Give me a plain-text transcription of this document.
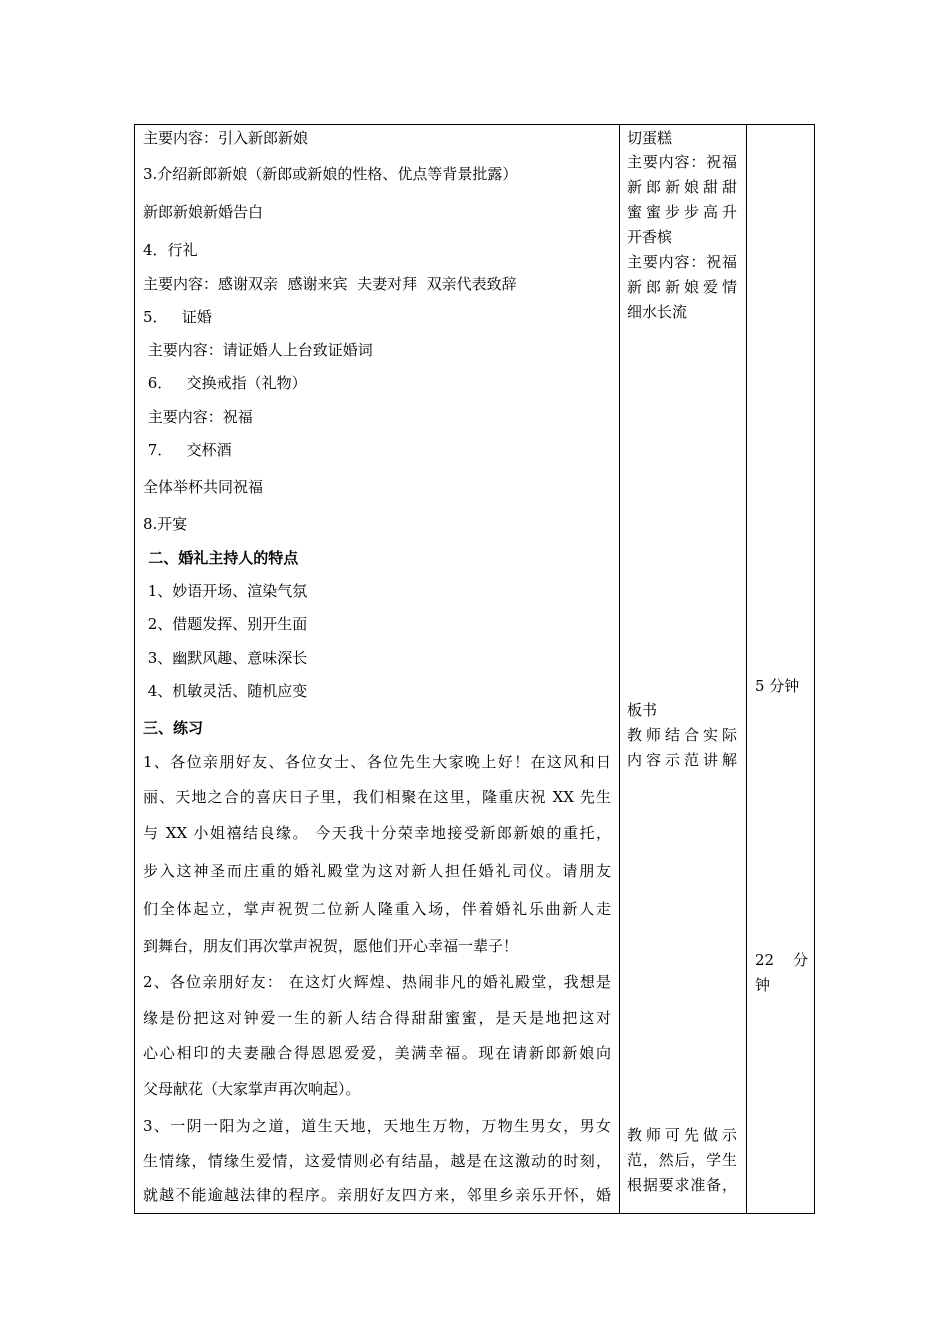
主要内容：引入新郎新娘
3.介绍新郎新娘（新郎或新娘的性格、优点等背景批露）
新郎新娘新婚告白
4．行礼
主要内容：感谢双亲  感谢来宾  夫妻对拜  双亲代表致辞
5．   证婚
主要内容：请证婚人上台致证婚词
6．   交换戒指（礼物）
主要内容：祝福
7．   交杯酒
全体举杯共同祝福
8.开宴
二、婚礼主持人的特点
1、妙语开场、渲染气氛
2、借题发挥、别开生面
3、幽默风趣、意味深长
4、机敏灵活、随机应变
三、练习
1、各位亲朋好友、各位女士、各位先生大家晚上好！在这风和日
丽、天地之合的喜庆日子里，我们相聚在这里，隆重庆祝 XX 先生
与 XX 小姐禧结良缘。 今天我十分荣幸地接受新郎新娘的重托，
步入这神圣而庄重的婚礼殿堂为这对新人担任婚礼司仪。请朋友
们全体起立，掌声祝贺二位新人隆重入场，伴着婚礼乐曲新人走
到舞台，朋友们再次掌声祝贺，愿他们开心幸福一辈子！
2、各位亲朋好友： 在这灯火辉煌、热闹非凡的婚礼殿堂，我想是
缘是份把这对钟爱一生的新人结合得甜甜蜜蜜，是天是地把这对
心心相印的夫妻融合得恩恩爱爱，美满幸福。现在请新郎新娘向
父母献花（大家掌声再次响起）。
3、一阴一阳为之道，道生天地，天地生万物，万物生男女，男女
生情缘，情缘生爱情，这爱情则必有结晶，越是在这激动的时刻，
就越不能逾越法律的程序。亲朋好友四方来，邻里乡亲乐开怀，婚
切蛋糕
主要内容：祝福
新郎新娘甜甜
蜜蜜步步高升
开香槟
主要内容：祝福
新郎新娘爱情
细水长流
板书
教师结合实际
内容示范讲解
教师可先做示
范，然后，学生
根据要求准备，
5 分钟
22    分
钟
